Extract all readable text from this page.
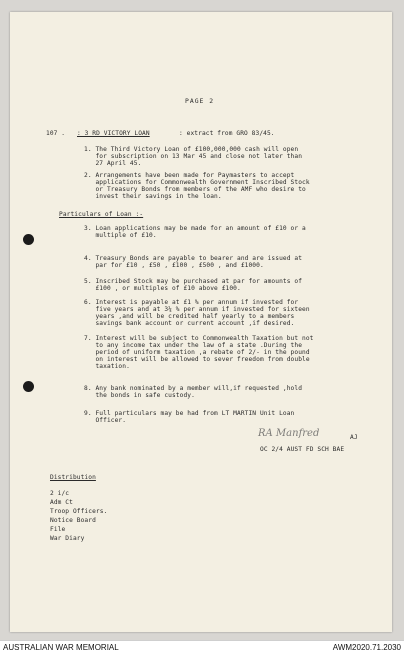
PAGE 2
107 . : 3 RD VICTORY LOAN	: extract from GRO 83/45.
1. The Third Victory Loan of £100,000,000 cash will open
for subscription on 13 Mar 45 and close not later than
27 April 45.
2. Arrangements have been made for Paymasters to accept
applications for Commonwealth Government Inscribed Stock
or Treasury Bonds from members of the AMF who desire to
invest their savings in the loan.
Particulars of Loan :-
3. Loan applications may be made for an amount of £10 or a
multiple of £10.
4. Treasury Bonds are payable to bearer and are issued at
par for £10 , £50 , £100 , £500 , and £1000.
5. Inscribed Stock may be purchased at par for amounts of
£100 , or multiples of £10 above £100.
6. Interest is payable at £1 % per annum if invested for
five years and at 3¼ % per annum if invested for sixteen
years ,and will be credited half yearly to a members
savings bank account or current account ,if desired.
7. Interest will be subject to Commonwealth Taxation but not
to any income tax under the law of a state .During the
period of uniform taxation ,a rebate of 2/- in the pound
on interest will be allowed to sever freedom from double
taxation.
8. Any bank nominated by a member will,if requested ,hold
the bonds in safe custody.
9. Full particulars may be had from LT MARTIN Unit Loan
Officer.
RA Manfred	AJ
OC 2/4 AUST FD SCH BAE
Distribution
2 i/c
Adm Ct
Troop Officers.
Notice Board
File
War Diary
AUSTRALIAN WAR MEMORIAL	AWM2020.71.2030
